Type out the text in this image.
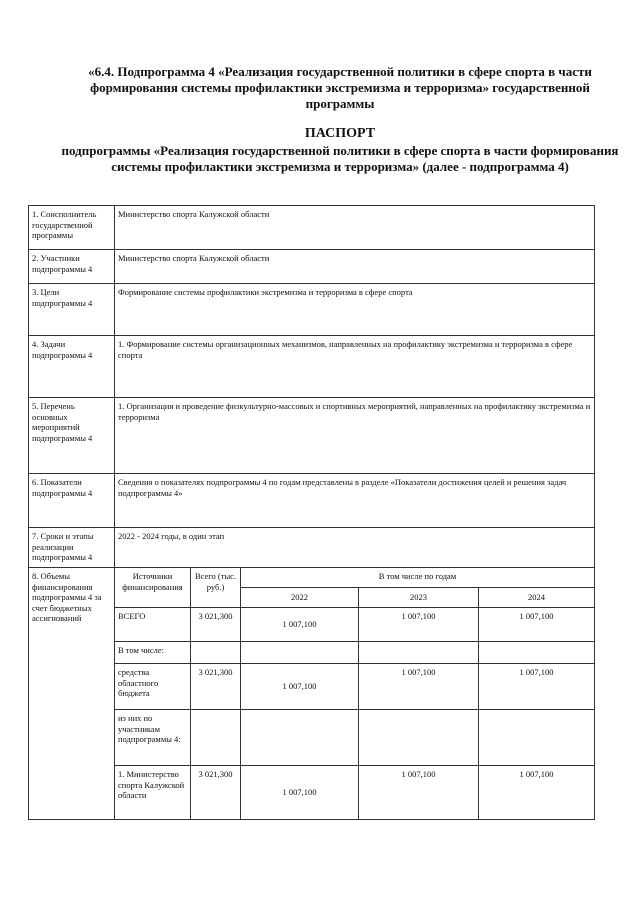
«6.4. Подпрограмма 4 «Реализация государственной политики в сфере спорта в части формирования системы профилактики экстремизма и терроризма» государственной программы
ПАСПОРТ
подпрограммы «Реализация государственной политики в сфере спорта в части формирования системы профилактики экстремизма и терроризма» (далее - подпрограмма 4)
1. Соисполнитель государственной программы	Министерство спорта Калужской области				
2. Участники подпрограммы 4	Министерство спорта Калужской области				
3. Цели подпрограммы 4	Формирование системы профилактики экстремизма и терроризма в сфере спорта				
4. Задачи подпрограммы 4	1. Формирование системы организационных механизмов, направленных на профилактику экстремизма и терроризма в сфере спорта				
5. Перечень основных мероприятий подпрограммы 4	1. Организация и проведение физкультурно-массовых и спортивных мероприятий, направленных на профилактику экстремизма и терроризма				
6. Показатели подпрограммы 4	Сведения о показателях подпрограммы 4 по годам представлены в разделе «Показатели достижения целей и решения задач подпрограммы 4»				
7. Сроки и этапы реализации подпрограммы 4	2022 - 2024 годы, в один этап				
8. Объемы финансирования подпрограммы 4 за счет бюджетных ассигнований	Источники финансирования	Всего (тыс. руб.)	В том числе по годам		
			2022	2023	2024
	ВСЕГО	3 021,300	1 007,100	1 007,100	1 007,100
	В том числе:				
	средства областного бюджета	3 021,300	1 007,100	1 007,100	1 007,100
	из них по участникам подпрограммы 4:				
	1. Министерство спорта Калужской области	3 021,300	1 007,100	1 007,100	1 007,100
